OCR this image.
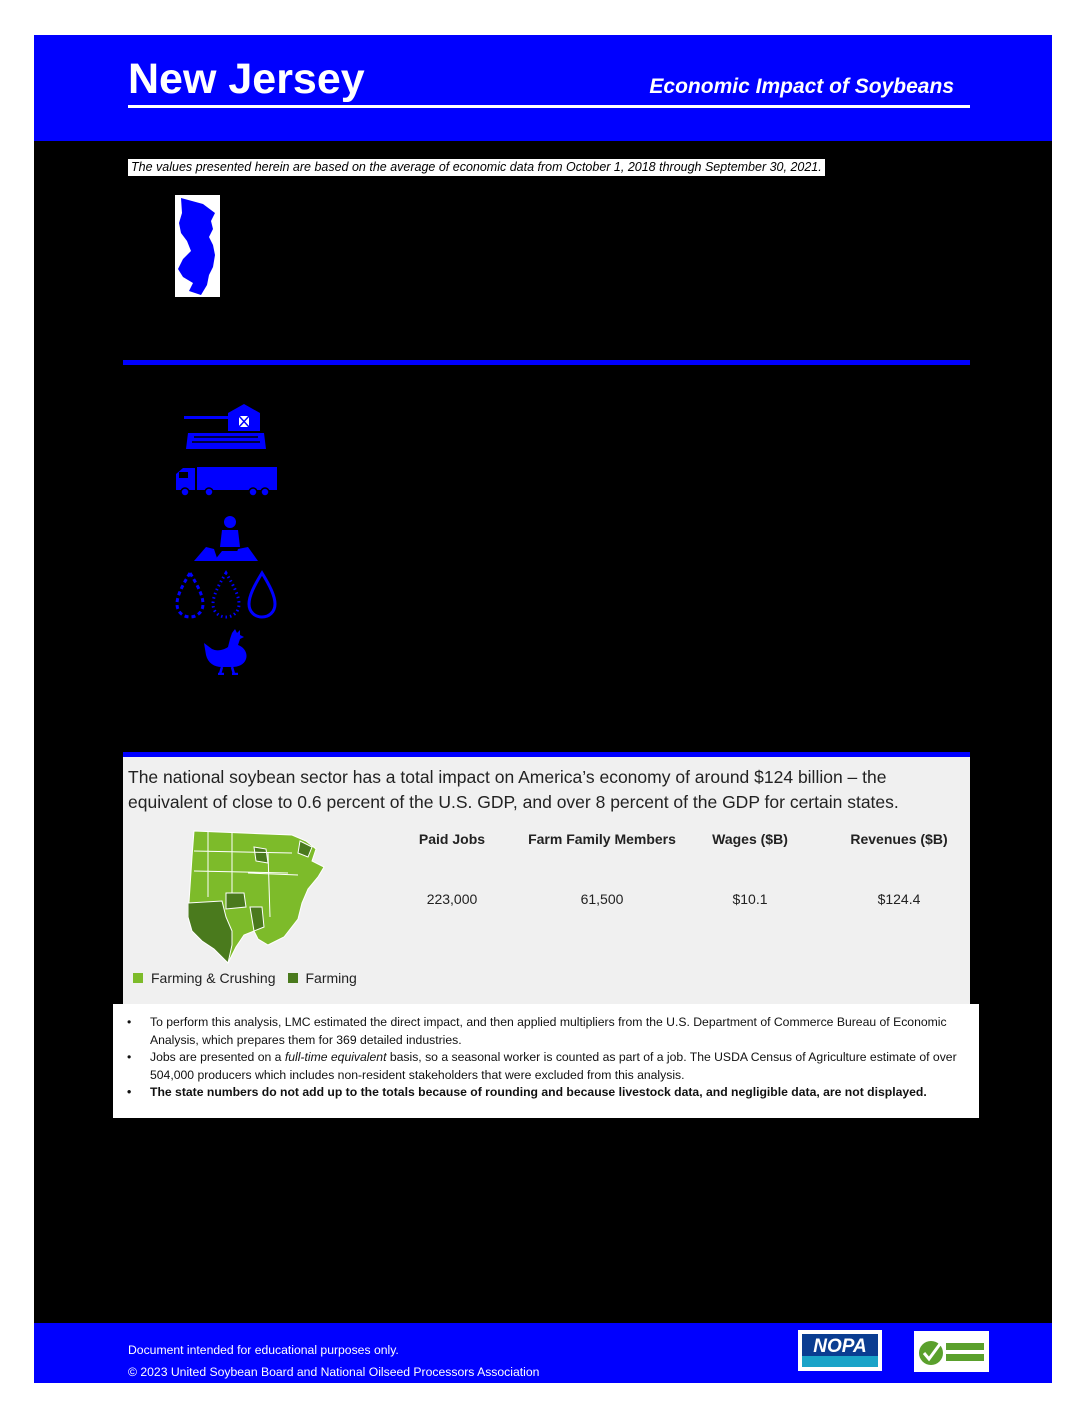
New Jersey	Economic Impact of Soybeans
The values presented herein are based on the average of economic data from October 1, 2018 through September 30, 2021.
The national soybean sector has a total impact on America’s economy of around $124 billion – the equivalent of close to 0.6 percent of the U.S. GDP, and over 8 percent of the GDP for certain states.
Paid Jobs	Farm Family Members	Wages ($B)	Revenues ($B)
223,000	61,500	$10.1	$124.4
Farming & Crushing Farming
• To perform this analysis, LMC estimated the direct impact, and then applied multipliers from the U.S. Department of Commerce Bureau of Economic Analysis, which prepares them for 369 detailed industries.
• Jobs are presented on a full-time equivalent basis, so a seasonal worker is counted as part of a job. The USDA Census of Agriculture estimate of over 504,000 producers which includes non-resident stakeholders that were excluded from this analysis.
• The state numbers do not add up to the totals because of rounding and because livestock data, and negligible data, are not displayed.
Document intended for educational purposes only.
© 2023 United Soybean Board and National Oilseed Processors Association
NOPA
